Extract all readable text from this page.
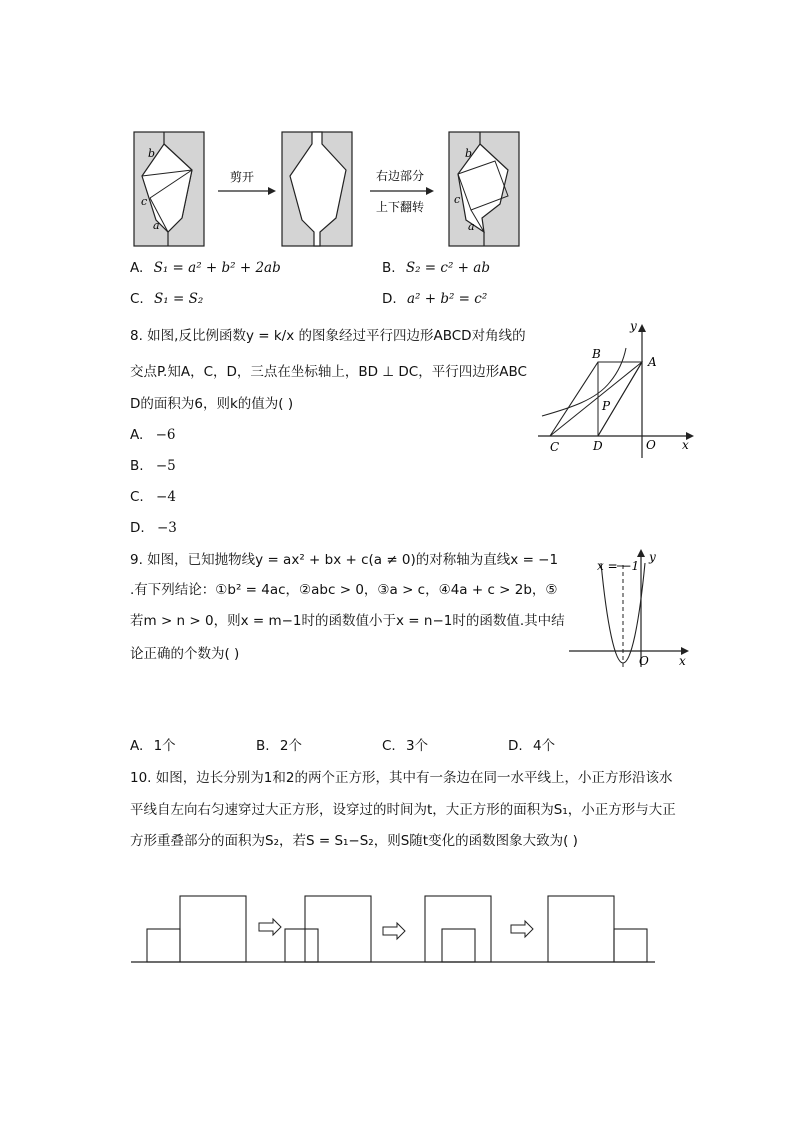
b
c
a
剪开	右边部分
上下翻转
b
c
a
A. S₁ = a² + b² + 2ab	B. S₂ = c² + ab
C. S₁ = S₂	D. a² + b² = c²
8. 如图,反比例函数y = k/x 的图象经过平行四边形ABCD对角线的
交点P.知A，C，D，三点在坐标轴上，BD ⊥ DC，平行四边形ABC
D的面积为6，则k的值为( )
A. −6
B. −5
C. −4
D. −3
y
x
A
B
C	D
P
O
9. 如图，已知抛物线y = ax² + bx + c(a ≠ 0)的对称轴为直线x = −1
.有下列结论：①b² = 4ac，②abc > 0，③a > c，④4a + c > 2b，⑤
若m > n > 0，则x = m−1时的函数值小于x = n−1时的函数值.其中结
论正确的个数为( )
x = −1
y
x
O
A. 1个	B. 2个	C. 3个	D. 4个
10. 如图，边长分别为1和2的两个正方形，其中有一条边在同一水平线上，小正方形沿该水
平线自左向右匀速穿过大正方形，设穿过的时间为t，大正方形的面积为S₁，小正方形与大正
方形重叠部分的面积为S₂，若S = S₁−S₂，则S随t变化的函数图象大致为( )
